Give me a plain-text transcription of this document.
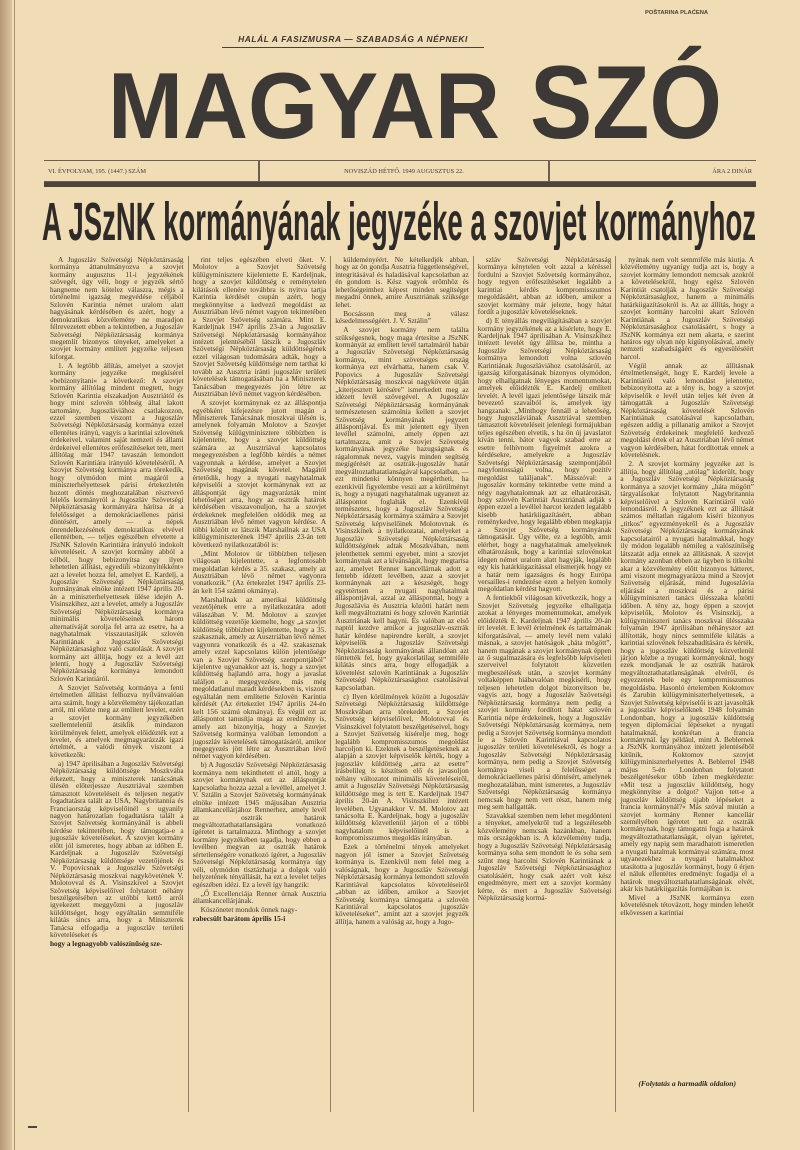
MAGYAR SZÓ
HALÁL A FASIZMUSRA — SZABADSÁG A NÉPNEKI
POŠTARINA PLAĆENA
VI. ÉVFOLYAM, 195. (1447.) SZÁM	NOVISZÁD HÉTFŐ. 1949 AUGUSZTUS 22.	ÁRA 2 DINÁR
A JSzNK kormányának jegyzéke a szovjet kormányhoz

A Jugoszláv Szövetségi Népköztársaság kormánya áttanulmányozva a szovjet kormány augusztus 11-i jegyzékének szövegét, úgy véli, hogy e jegyzék sértő hangneme nem kötelez válaszra, mégis a történelmi igazság megvédése céljából Szlovén Karintia német uralom alatt hagyásának kérdésében és azért, hogy a demokratikus közvélemény ne maradjon félrevezetett ebben a tekintetben, a Jugoszláv Szövetségi Népköztársaság kormánya megemlít bizonyos tényeket, amelyeket a szovjet kormány említett jegyzéke teljesen kiforgat.

1. A legtöbb állítás, amelyet a szovjet kormány jegyzéke megkísérel »bebizonyítani« a következő: A szovjet kormány állítólag mindent megtett, hogy Szlovén Karintia elszakadjon Ausztriától és hogy mint szlovén többség által lakott tartomány, Jugoszláviához csatlakozzon, ezzel szemben viszont a Jugoszláv Szövetségi Népköztársaság kormánya ezzel ellentétes irányú, vagyis a karintiai szlovének érdekeivel, valamint saját nemzeti és állami érdekeivel ellentétes erőfeszítéseket tett, mert állítólag már 1947 tavaszán lemondott Szlovén Karintiára irányuló követeléséről. A Szovjet Szövetség kormánya arra törekedik, hogy olymódon mint magáról a miniszterhelyettesek párisi értekezletén hozott döntés meghozatalában résztvevő felelős kormányról a Jugoszláv Szövetségi Népköztársaság kormányára hárítsa át a felelősséget a demokráciaellenes párisi döntésért, amely — a népek önrendelkezésének demokratikus elvével ellentétben, — teljes egészében elvetette a JSzNK Szlovén Karintiára irányuló indokolt követeléseit. A szovjet kormány abból a célból, hogy bebizonyítsa egy ilyen lehetetlen állítást, egyedüli »bizonyítékként« azt a levelet hozza fel, amelyet E. Kardelj, a Jugoszláv Szövetségi Népköztársaság kormányának elnöke intézett 1947 április 20-án a miniszterhelyettesek ülése idején A. Visinszkihez, azt a levelet, amely a Jugoszláv Szövetségi Népköztársaság kormánya minimális követeléseinek három alternatíváját sorolja fel arra az esetre, ha a nagyhatalmak visszautasítják szlovén Karintiának a Jugoszláv Szövetségi Népköztársasághoz való csatolását. A szovjet kormány azt állítja, hogy ez a levél azt jelenti, hogy a Jugoszláv Szövetségi Népköztársaság kormánya lemondott Szlovén Karintiáról.

A Szovjet Szövetség kormánya a fenti értelmetlen állítást felhozva nyilvánvalóan arra számít, hogy a közvélemény tájékozatlan arról, mi előzte meg az említett levelet, ezért a szovjet kormány jegyzékében szellemtelenül átsiklik mindazon körülmények felett, amelyek előidézték ezt a levelet, és amelyek megmagyarázzák igazi értelmét, a valódi tények viszont a következők:

a) 1947 áprilisában a Jugoszláv Szövetségi Népköztársaság küldöttsége Moszkvába érkezett, hogy a miniszterek tanácsának ülésén előterjessze Ausztriával szemben támasztott követeléseit és teljesen negatív fogadtatásra talált az USA, Nagybritannia és Franciaország képviselőinél s ugyanily nagyon határozatlan fogadtatásra talált a Szovjet Szövetség kormányánál is abbeli kérdése tekintetében, hogy támogatja-e a jugoszláv követeléseket. A szovjet kormány előtt jól ismeretes, hogy abban az időben E. Kardeljnak a Jugoszláv Szövetségi Népköztársaság küldöttsége vezetőjének és V. Popovicsnak a Jugoszláv Szövetségi Népköztársaság moszkvai nagykövetének V. Molotovval és A. Visinszkivel a Szovjet Szövetség képviselőivel folytatott néhány beszélgetésében az utóbbi kettő arról igyekezett meggyőzni a jugoszláv küldöttséget, hogy egyáltalán semmiféle kilátás sincs arra, hogy a Miniszterek Tanácsa elfogadja a jugoszláv területi követeléseket és

hogy a legnagyobb valószínűség sze-

rint teljes egészében elveti őket. V. Molotov a Szovjet Szövetség külügyminisztere kijelentette E. Kardeljnak, hogy a szovjet küldöttség e reménytelen kilátások ellenére továbbra is nyitva tartja Karintia kérdését csupán azért, hogy megkönnyítse a kedvező megoldást az Ausztriában lévő német vagyon tekintetében a Szovjet Szövetség számára. Mint E. Kardeljnak 1947 április 23-án a Jugoszláv Szövetségi Népköztársaság kormányához intézett jelentéséből látszik a Jugoszláv Szövetségi Népköztársaság küldöttségének ezzel világosan tudomására adták, hogy a Szovjet Szövetség küldöttsége nem tarthat ki tovább az Ausztria iránti jugoszláv területi követelések támogatásában ha a Miniszterek Tanácsában megegyezés jön létre az Ausztriában lévő német vagyon kérdésében.

A szovjet kormánynak ez az álláspontja egyébként kifejezésre jutott magán a Miniszterek Tanácsának moszkvai ülésén is, amelynek folyamán Molotov a Szovjet Szövetség külügyminisztere többízben is kijelentette, hogy a szovjet küldöttség számára az Ausztriával kapcsolatos megegyezésben a legfőbb kérdés a német vagyonnak a kérdése, amelyet a Szovjet Szövetség magának követel. Magától értetődik, hogy a nyugati nagyhatalmak képviselői a szovjet kormánynak ezt az álláspontját úgy magyarázták mint lehetőséget arra, hogy az osztrák határok kérdésében visszavonuljon, ha a szovjet érdekeknek megfelelően oldódik meg az Ausztriában lévő német vagyon kérdése. A többi között ez látszik Marshallnak az USA külügyminiszterének 1947 április 23-án tett következő nyilatkozatából is:

„Mint Molotov úr többízben teljesen világosan kijelentette, a legfontosabb megoldatlan kérdés a 35. szakasz, amely az Ausztriában lévő német vagyonra vonatkozik.” (Az értekezlet 1947 április 23-án kelt 154 számú okmánya).

Marshallnak az amerikai küldöttség vezetőjének erre a nyilatkozatára adott válaszában V. M. Molotov a szovjet küldöttség vezetője kiemelte, hogy „a szovjet küldöttség többízben kijelentette, hogy a 35. szakasznak, amely az Ausztriában lévő német vagyonra vonatkozik és a 42. szakasznak amely ezzel kapcsolatos külön jelentősége van a Szovjet Szövetség szempontjából” kijelentve ugyanakkor azt is, hogy a szovjet küldöttség hajlandó arra, hogy a javaslat találjon a megegyezésre, más még megoldatlanul maradt kérdésekben is, viszont egyáltalán nem említette Szlovén Karintia kérdését (Az értekezlet 1947 április 24-én kelt 156 számú okmánya). És végül ezt az álláspontot tanusítja maga az eredmény is, amely azt bizonyítja, hogy a Szovjet Szövetség kormánya valóban lemondott a jugoszláv követelések támogatásáról, amikor megegyezés jött létre az Ausztriában lévő német vagyon kérdésében.

b) A Jugoszláv Szövetségi Népköztársaság kormánya nem tekinthetett el attól, hogy a szovjet kormánynak ezt az álláspontját kapcsolatba hozza azzal a levéllel, amelyet J. V. Sztálin a Szovjet Szövetség kormányának elnöke intézett 1945 májusában Ausztria államkancellárjához Rennerhez, amely levél az osztrák határok megváltoztathatatlanságára vonatkozó ígéretet is tartalmazza. Minthogy a szovjet kormány jegyzékében tagadja, hogy ebben a levélben megvan az osztrák határok sértetlenségére vonatkozó ígéret, a Jugoszláv Szövetségi Népköztársaság kormánya úgy véli, olymódon tisztázhatja a dolgok való helyzetének tényállását, ha ezt a levelet teljes egészében idézi. Ez a levél így hangzik:

„Ő Excellenciája Renner úrnak Ausztria államkancellárjának.

Köszönetet mondok önnek nagy-

rabecsült barátom április 15-i

küldeményéért. Ne kételkedjék abban, hogy az ön gondja Ausztria függetlenségével, integritásával és haladásával kapcsolatban az én gondom is. Kész vagyok erőmhöz és lehetőségeimhez képest minden segítséget megadni önnek, amire Ausztriának szüksége lehet.

Bocsásson meg a válasz késedelmességéért. J. V. Sztálin”

A szovjet kormány nem találta szükségesnek, hogy maga értesítse a JSzNK kormányát az említett levél tartalmáról habár a Jugoszláv Szövetségi Népköztársaság kormánya, mint szövetséges ország kormánya ezt elvárhatta, hanem csak V. Popovics a Jugoszláv Szövetségi Népköztársaság moszkvai nagykövete útján „kiterjesztett kérésére” ismerkedett meg az idézett levél szövegével. A Jugoszláv Szövetségi Népköztársaság kormányának természetesen számolnia kellett a szovjet Szövetség kormányának jegyzett álláspontjával. És mit jelentett egy ilyen levéllel számolni, amely éppen azt tartalmazza, amit a Szovjet Szövetség kormányának jegyzéke hazugságnak és rágalomnak nevez, vagyis minden segítség megígérését az osztrák-jugoszláv határ megváltoztathatatlanságával kapcsolatban, — ezt mindenki könnyen megértheti, ha ezenkívül figyelembe veszi azt a körülményt is, hogy a nyugati nagyhatalmak ugyanezt az álláspontot foglalták el. Ezenkívül természetes, hogy a Jugoszláv Szövetségi Népköztársaság kormánya számára a Szovjet Szövetség képviselőinek Molotovnak és Visinszkinek a nyilatkozatai, amelyeket a Jugoszláv Szövetségi Népköztársaság küldöttségének adtak Moszkvában, nem jelenthettek semmi egyebet, mint a szovjet kormánynak azt a kívánságát, hogy megtartsa azt, amelyet Renner kancellárnak adott a fentebb idézett levélben, azaz a szovjet kormánynak azt a készségét, hogy egyetértsen a nyugati nagyhatalmak álláspontjával, azzal az állásponttal, hogy a Jugoszlávia és Ausztria közötti határt nem kell megváltoztatni és hogy szlovén Karintiát Ausztriának kell hagyni. És valóban az első naptól kezdve amikor a jugoszláv-osztrák határ kérdése napirendre került, a szovjet képviselők a Jugoszláv Szövetségi Népköztársaság kormányának állandóan azt tüntették fel, hogy gyakorlatilag semmiféle kilátás sincs arra, hogy elfogadják a követelést szlovén Karintiának a Jugoszláv Szövetségi Népköztársasághoz csatolásával kapcsolatban.

c) Ilyen körülmények között a Jugoszláv Szövetségi Népköztársaság küldöttsége Moszkvában arra törekedett, a Szovjet Szövetség képviselőivel, Molotovval és Visinszkivel folytatott beszélgetéseivel, hogy a Szovjet Szövetség kísérelje meg, hogy legalább kompromisszumos megoldást harcoljon ki. Ezeknek a beszélgetéseknek az alapján a szovjet képviselők kérték, hogy a jugoszláv küldöttség „arra az esetre” írásbelileg is készítsen elő és javasoljon néhány változatot minimális követeléseiről, amit a Jugoszláv Szövetségi Népköztársaság küldöttsége meg is tett E. Kardeljnak 1947 április 20-án A. Visinszkihez intézett levelében. Ugyanakkor V. M. Molotov azt tanácsolta E. Kardeljnak, hogy a jugoszláv küldöttség közvetlenül járjon el a többi nagyhatalom képviselőinél is a kompromisszumos megoldás irányában.

Ezek a történelmi tények amelyeket nagyon jól ismer a Szovjet Szövetség kormánya is. Ezenkívül nem felel meg a valóságnak, hogy a Jugoszláv Szövetségi Népköztársaság kormánya lemondott szlovén Karintiával kapcsolatos követeléseiről „abban az időben, amikor a Szovjet Szövetség kormánya támogatta a szlovén Karintiával kapcsolatos jugoszláv követeléseket”, amint azt a szovjet jegyzék állítja, hanem a valóság az, hogy a Jugo-

szláv Szövetségi Népköztársaság kormánya kénytelen volt azzal a kéréssel fordulni a Szovjet Szövetség kormányához, hogy tegyen erőfeszítéseket legalább a karintiai kérdés kompromisszumos megoldásáért, abban az időben, amikor a szovjet kormány már jelezte, hogy hátat fordít a jugoszláv követeléseknek.

d) E tényállás megvilágításában a szovjet kormány jegyzékének az a kísérlete, hogy E. Kardeljnak 1947 áprilisában A. Visinszkihez intézett levelét úgy állítsa be, mintha a Jugoszláv Szövetségi Népköztársaság kormánya lemondott volna szlovén Karintiának Jugoszláviához csatolásáról, az igazság kiforgatásának bizonyos olymódon, hogy elhallgatnak lényeges momentumokat, amelyek előidézték E. Kardelj említett levelét. A levél igazi jelentősége látszik már bevezető szavaiból is, amelyek így hangzanak: „Minthogy fennáll a lehetőség, hogy Jugoszláviának Ausztriával szemben támasztott követeléseit jelenlegi formájukban teljes egészében elvetik, s ha ön új javaslatot kíván tenni, bátor vagyok szabad erre az esetre felhívnom figyelmét azokra a kérdésekre, amelyekre a Jugoszláv Szövetségi Népköztársaság szempontjából nagyfontosságú volna, hogy pozitív megoldást találjanak”. Másszóval: a jugoszláv kormány tekintetbe vette mind a négy nagyhatalomnak azt az elhatározását, hogy szlovén Karintiát Ausztriának adják s éppen ezzel a levéllel harcot kezdett legalább kisebb határkiigazításért, abban reménykedve, hogy legalább ebben megkapja a Szovjet Szövetség kormányának támogatását. Úgy vélte, ez a legtöbb, amit elérhet, hogy a nagyhatalmak amelyeknek elhatározásuk, hogy a karintiai szlovénokat idegen német uralom alatt hagyják, legalább egy kis határkiigazítással elismerjék hogy ez a határ nem igazságos és hogy Európa versailles-i rendezése ezen a helyen komoly megoldatlan kérdést hagyott.

A fentiekből világosan következik, hogy a Szovjet Szövetség jegyzéke elhallgatja azokat a lényeges momentumokat, amelyek előidézték E. Kardeljnak 1947 április 20-án írt levelét. E levél értelmének és tartalmának kiforgatásával, — amely levél nem valaki másnak, a szovjet hatóságok „háta mögött”, hanem magának a szovjet kormánynak éppen az ő sugalmazására és legfelsőbb képviseleti szerveivel folytatott közvetlen megbeszélések után, a szovjet kormány voltaképpen hiábavalóan megkísérli, hogy teljesen lehetetlen dolgot bizonyítson be, vagyis azt, hogy a Jugoszláv Szövetségi Népköztársaság kormánya nem pedig a szovjet kormány fordított hátat szlovén Karintia népe érdekeinek, hogy a Jugoszláv Szövetségi Népköztársaság kormánya, nem pedig a Szovjet Szövetség kormánya mondott le a Szlovén Karintiával kapcsolatos jugoszláv területi követelésekről, és hogy a Jugoszláv Szövetségi Népköztársaság kormánya, nem pedig a Szovjet Szövetség kormánya viseli a felelősséget a demokráciaellenes párisi döntésért, amelynek meghozatalában, mint ismeretes, a Jugoszláv Szövetségi Népköztársaság kormánya nemcsak hogy nem vett részt, hanem még meg sem hallgatták.

Szavakkal szemben nem lehet megdönteni a tényeket, amelyekről tud a legszélesebb közvélemény nemcsak hazánkban, hanem más országokban is. A közvélemény tudja, hogy a Jugoszláv Szövetségi Népköztársaság kormánya soha sem mondott le és soha sem szűnt meg harcolni Szlovén Karintiának a Jugoszláv Szövetségi Népköztársasághoz csatolásáért, hogy csak azért volt kész engedményre, mert ezt a szovjet kormány kérte, és mert a Jugoszláv Szövetségi Népköztársaság kormá-

nyának nem volt semmiféle más kiutja. A közvélemény ugyanígy tudja azt is, hogy a szovjet kormány lemondott nemcsak azokról a követelésekről, hogy egész Szlovén Karintiát csatolják a Jugoszláv Szövetségi Népköztársasághoz, hanem a minimális határkiigazításokról is. Az az állítás, hogy a szovjet kormány harcolni akart Szlovén Karintiának a Jugoszláv Szövetségi Népköztársasághoz csatolásáért, s hogy a JSzNK kormánya ezt nem akarta, e szerint határos egy olyan nép kigúnyolásával, amely nemzeti szabadságáért és egyesüléséért harcol.

Végül annak az állításnak értelmetlenségét, hogy E. Kardelj levele a Karintiáról való lemondást jelentette, bebizonyította az a tény is, hogy a szovjet képviselők e levél után teljes két éven át támogatták a Jugoszláv Szövetségi Népköztársaság követelését Szlovén Karintiának csatolásával kapcsolatban, egészen addig a pillanatig amikor a Szovjet Szövetség érdekeinek megfelelő kedvező megoldást értek el az Ausztriában lévő német vagyon kérdésében, hátat fordítottak ennek a követelésnek.

2. A szovjet kormány jegyzéke azt is állítja, hogy állítólag „utólag” kiderült, hogy a Jugoszláv Szövetségi Népköztársaság kormánya a szovjet kormány „háta mögött” tárgyalásokat folytatott Nagybritannia képviselőivel a Szlovén Karintiáról való lemondásról. A jegyzéknek ezt az állítását számos méltatlan rágalom kíséri bizonyos „titkos” egyezményekről és a Jugoszláv Szövetségi Népköztársaság kormányának kapcsolatairól a nyugati hatalmakkal, hogy ily módon legalább némileg a valószínűség látszatát adja ennek az állításnak. A szovjet kormány azonban ebben az ügyben is titkolni akar a közvélemény előtt bizonyos hátteret, ami viszont megmagyarázza mind a Szovjet Szövetség eljárását, mind Jugoszlávia eljárását a moszkvai és a párisi külügyminiszteri tanács ülésszaka közötti időben. A tény az, hogy éppen a szovjet képviselők, Molotov és Visinszkij, a külügyminiszteri tanács moszkvai ülésszaka folyamán 1947 áprilisában néhányszor azt állították, hogy nincs semmiféle kilátás a karintiai szlovének felszabadítására és kérték, hogy a jugoszláv küldöttség közvetlenül járjon közbe a nyugati kormányoknál, hogy ezek mondjanak le az osztrák határok megváltoztathatatlanságának elvéről, és egyezzenek bele egy kompromisszumos megoldásba. Hasonló értelemben Koktomov és Zarubin külügyminiszterhelyettesek, a Szovjet Szövetség képviselői is azt javasolták a jugoszláv képviselőknek 1948 folyamán Londonban, hogy a jugoszláv küldöttség tegyen diplomáciai lépéseket a nyugati hatalmaknál, konkrétan a francia kormánynál. Így például, mint A. Beblernek a JSzNK kormányához intézett jelentéséből kitűnik, Koktomov szovjet külügyminiszterhelyettes A. Beblerrel 1948 május 5-én Londonban folytatott beszélgetésekor több ízben megkérdezte: »Mit tesz a jugoszláv küldöttség, hogy megkönnyítse a dolgot? Vajjon tett-e a jugoszláv küldöttség újabb lépéseket a francia kormánynál?« Más szóval miután a szovjet kormány Renner kancellár személyében ígéretet tett az osztrák kormánynak, hogy támogatni fogja a határok megváltoztathatatlanságát, olyan ígéretet, amely egy napig sem maradhatott ismeretlen a nyugati hatalmak kormányai számára, most ugyanezekhez a nyugati hatalmakhoz utasította a jugoszláv kormányt, hogy ő érjen el náluk ellentétes eredményt: fogadja el a határok megváltoztathatatlanságának elvét, akár kis határkiigazítás formájában is.

Mivel a JSzNK kormánya ezen követelésnek tétovázott, hogy minden lehetőt elkövessen a karintiai

(Folytatás a harmadik oldalon)
